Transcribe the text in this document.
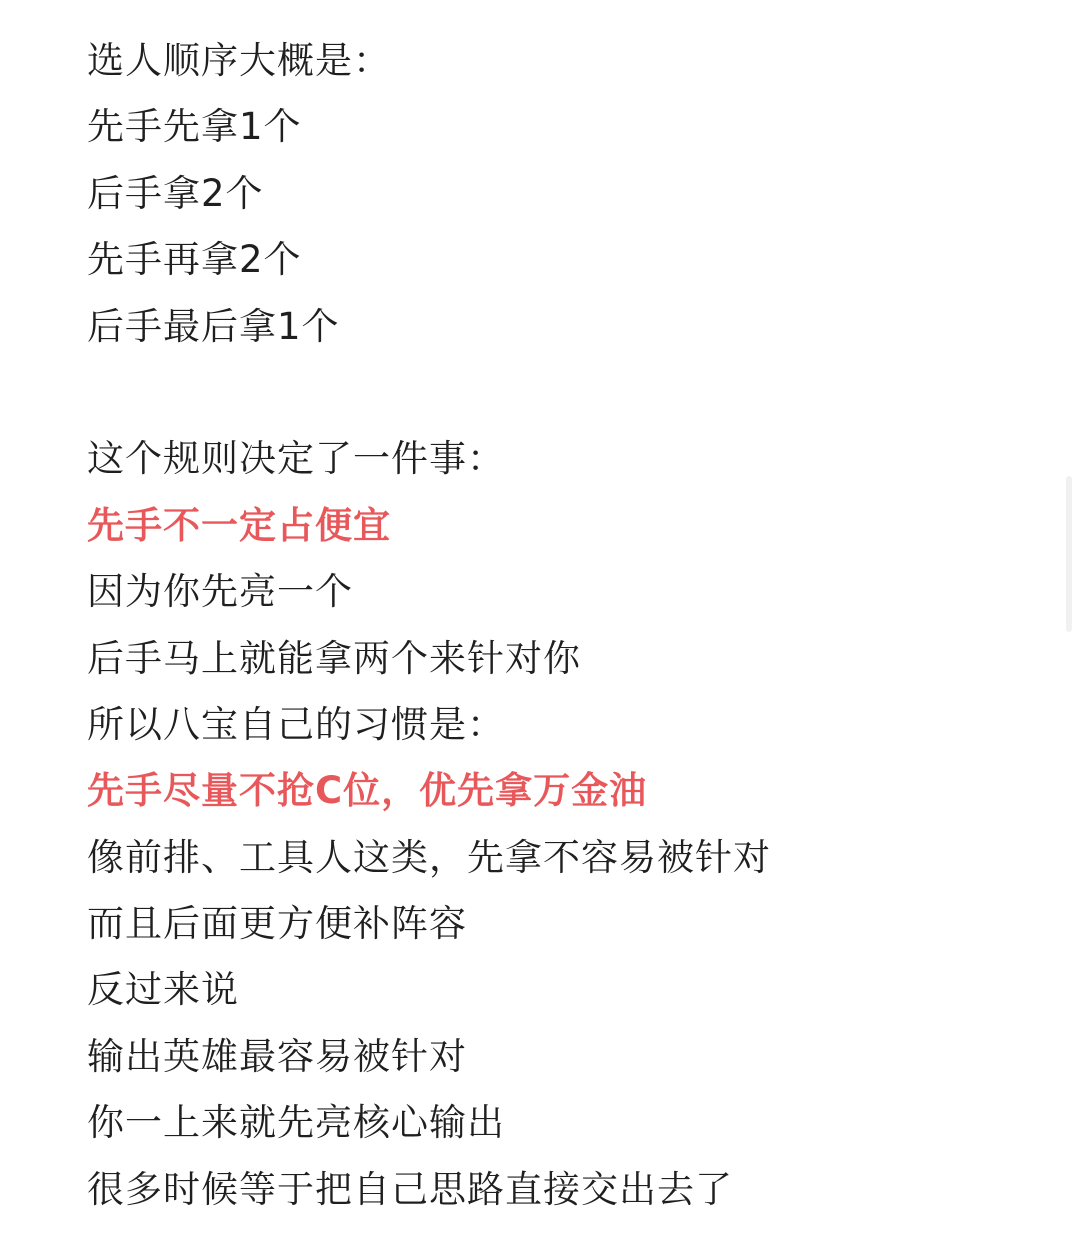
选人顺序大概是：
先手先拿1个
后手拿2个
先手再拿2个
后手最后拿1个
这个规则决定了一件事：
先手不一定占便宜
因为你先亮一个
后手马上就能拿两个来针对你
所以八宝自己的习惯是：
先手尽量不抢C位，优先拿万金油
像前排、工具人这类，先拿不容易被针对
而且后面更方便补阵容
反过来说
输出英雄最容易被针对
你一上来就先亮核心输出
很多时候等于把自己思路直接交出去了
